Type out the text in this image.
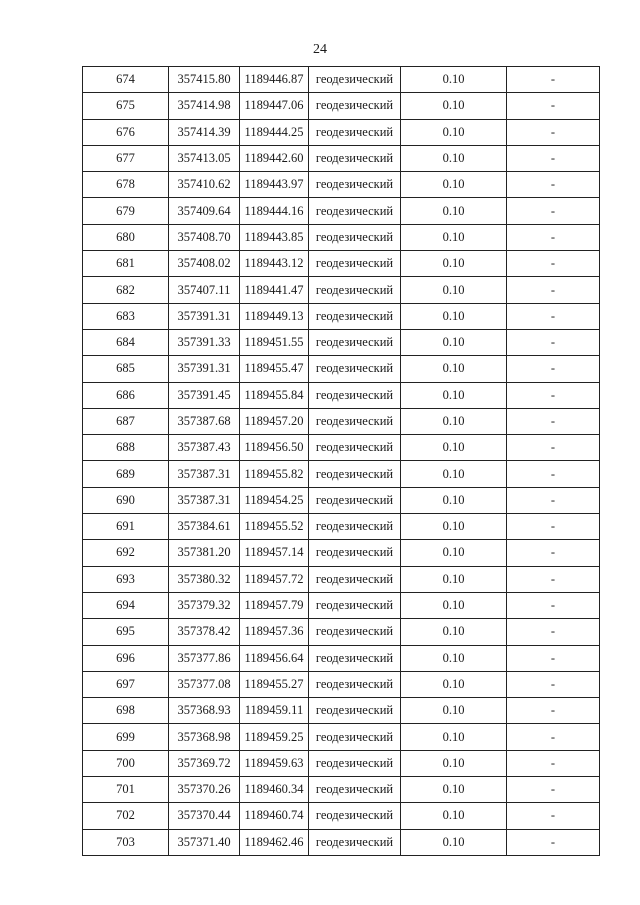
24
674	357415.80	1189446.87	геодезический	0.10	-
675	357414.98	1189447.06	геодезический	0.10	-
676	357414.39	1189444.25	геодезический	0.10	-
677	357413.05	1189442.60	геодезический	0.10	-
678	357410.62	1189443.97	геодезический	0.10	-
679	357409.64	1189444.16	геодезический	0.10	-
680	357408.70	1189443.85	геодезический	0.10	-
681	357408.02	1189443.12	геодезический	0.10	-
682	357407.11	1189441.47	геодезический	0.10	-
683	357391.31	1189449.13	геодезический	0.10	-
684	357391.33	1189451.55	геодезический	0.10	-
685	357391.31	1189455.47	геодезический	0.10	-
686	357391.45	1189455.84	геодезический	0.10	-
687	357387.68	1189457.20	геодезический	0.10	-
688	357387.43	1189456.50	геодезический	0.10	-
689	357387.31	1189455.82	геодезический	0.10	-
690	357387.31	1189454.25	геодезический	0.10	-
691	357384.61	1189455.52	геодезический	0.10	-
692	357381.20	1189457.14	геодезический	0.10	-
693	357380.32	1189457.72	геодезический	0.10	-
694	357379.32	1189457.79	геодезический	0.10	-
695	357378.42	1189457.36	геодезический	0.10	-
696	357377.86	1189456.64	геодезический	0.10	-
697	357377.08	1189455.27	геодезический	0.10	-
698	357368.93	1189459.11	геодезический	0.10	-
699	357368.98	1189459.25	геодезический	0.10	-
700	357369.72	1189459.63	геодезический	0.10	-
701	357370.26	1189460.34	геодезический	0.10	-
702	357370.44	1189460.74	геодезический	0.10	-
703	357371.40	1189462.46	геодезический	0.10	-
